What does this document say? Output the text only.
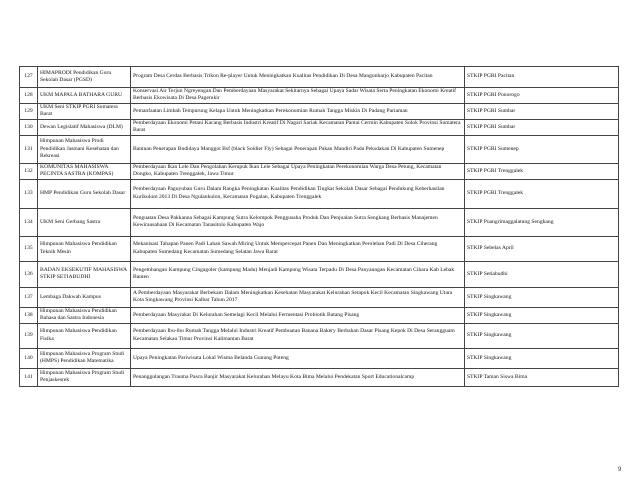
127	HIMAPRODI Pendidikan Guru Sekolah Dasar (PGSD)	Program Desa Cerdas Berbasis Trikon Re-player Untuk Meningkatkan Kualitas Pendidikan Di Desa Mangunharjo Kabupaten Pacitan	STKIP PGRI Pacitan
128	UKM MAPALA BATHARA GURU	Konservasi Air Terjun Ngreyengan Dan Pemberdayaan Masyarakat Sekitarnya Sebagai Upaya Sadar Wisata Serta Peningkatan Ekonomi Kreatif Berbasis Ekowisata Di Desa Pagerukir	STKIP PGRI Ponorogo
129	UKM Seni STKIP PGRI Sumatera Barat	Pemanfaatan Limbah Tempurung Kelapa Untuk Meningkatkan Perekonomian Rumah Tangga Miskin Di Padang Pariaman	STKIP PGRI Sumbar
130	Dewan Legislatif Mahasiswa (DLM)	Pemberdayaan Ekonomi Petani Kacang Berbasis Industri Kreatif Di Nagari Sariak Kecamatan Pantai Cermin Kabupaten Solok Provinsi Sumatera Barat	STKIP PGRI Sumbar
131	Himpunan Mahasiswa Prodi Pendidikan Jasmani Kesehatan dan Rekreasi	Bantuan Penerapan Budidaya Manggot Bsf (black Soldier Fly) Sebagai Penerapan Pakan Mandiri Pada Peksdakan Di Kabupaten Sumenep	STKIP PGRI Sumenep
132	KOMUNITAS MAHASISWA PECINTA SASTRA (KOMPAS)	Pemberdayaan Ikan Lele Dan Pengolahan Kerupuk Ikan Lele Sebagai Upaya Peningkatan Perekonomian Warga Desa Petung, Kecamatan Dongko, Kabupaten Trenggalek, Jawa Timur	STKIP PGRI Trenggalek
133	HMP Pendidikan Guru Sekolah Dasar	Pemberdayaan Paguyuban Guru Dalam Rangka Peningkatan Kualitas Pendidikan Tingkat Sekolah Dasar Sebagai Pendukung Keberhasilan Kurikulum 2013 Di Desa Ngulankulon, Kecamatan Pogalan, Kabupaten Trenggalek	STKIP PGRI Trenggalek
134	UKM Seni Gerbang Sastra	Penguatan Desa Pakkanna Sebagai Kampung Sutra Kelompok Penggusaha Produk Dan Penjualan Sutra Sengkang Berbasis Manajemen Kewirausahaan Di Kecamatan Tanasitolo Kabupaten Wajo	STKIP Puangrimaggalatung Sengkang
135	Himpunan Mahasiswa Pendidikan Teknik Mesin	Mekanisasi Tahapan Panen Padi Lahan Sawah Miring Untuk Mempercepat Panen Dan Meningkatkan Perolehan Padi Di Desa Ciherang Kabupaten Sumedang Kecamatan Sumedang Selatan Jawa Barat	STKIP Sebelas April
136	BADAN EKSEKUTIF MAHASISWA STKIP SETIABUDHI	Pengembangan Kampung Cingagoler (kampung Madu) Menjadi Kampung Wisata Terpadu Di Desa Panyaungan Kecamatan Cihara Kab Lebak Banten	STKIP Setiabudhi
137	Lembaga Dakwah Kampus	A Pemberdayaan Masyarakat Berbekam Dalam Meningkatkan Kesehatan Masyarakat Kelurahan Setapok Kecil Kecamatan Singkawang Utara Kota Singkawang Provinsi Kalbar Tahun 2017	STKIP Singkawang
138	Himpunan Mahasiswa Pendidikan Bahasa dan Sastra Indonesia	Pemberdayaan Masyrakat Di Kelurahan Semelagi Kecil Melalui Fermentasi Probiotik Batang Pisang	STKIP Singkawang
139	Himpunan Mahasiswa Pendidikan Fisika	Pemberdayaan Ibu-ibu Rumah Tangga Melalui Industri Kreatif Pembuatan Banana Bakery Berbahan Dasar Pisang Kepok Di Desa Serangguam Kecamatan Selakau Timur Provinsi Kalimantan Barat	STKIP Singkawang
140	Himpunan Mahasiswa Program Studi (HMPS) Pendidikan Matematika	Upaya Peningkatan Pariwisata Lokal Wisma Belanda Gunung Poteng	STKIP Singkawang
141	Himpunan Mahasiswa Program Studi Penjaskesrek	Penanggulangan Trauma Pasca Banjir Masyarakat Kelurahan Melayu Kota Bima Melalui Pendekatan Sport Educationalcamp	STKIP Taman Siswa Bima
9
